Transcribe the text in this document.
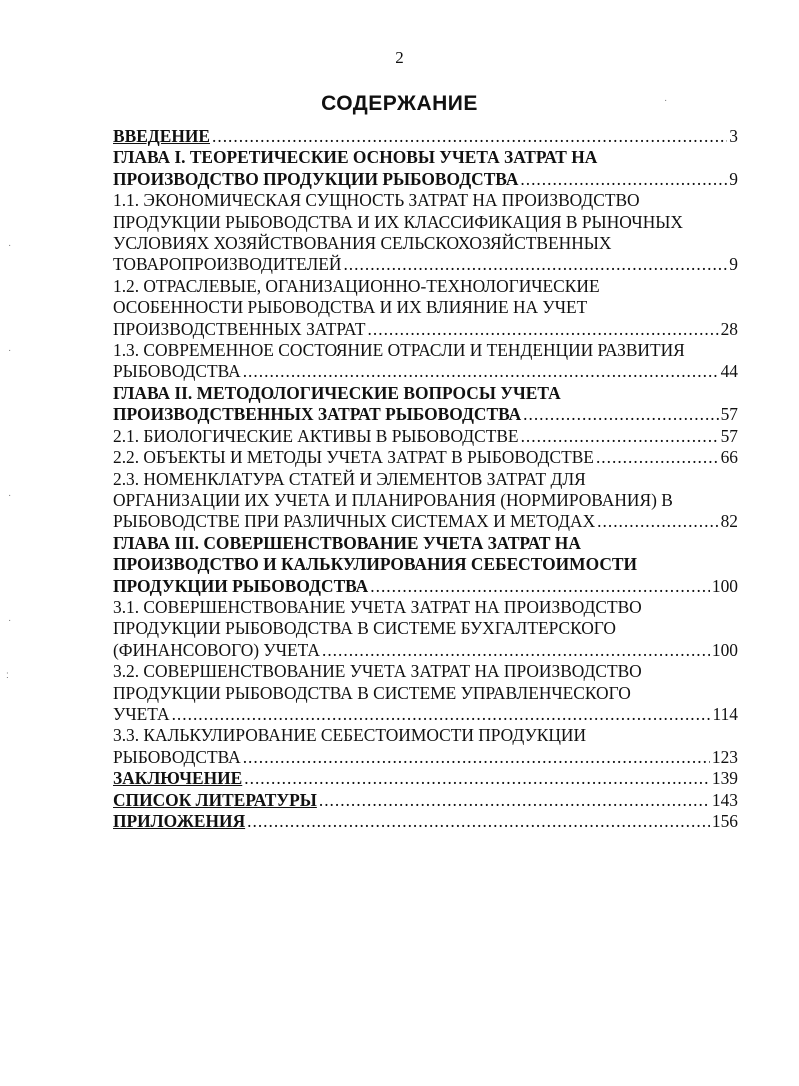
2
СОДЕРЖАНИЕ
ВВЕДЕНИЕ .....	3
ГЛАВА I. ТЕОРЕТИЧЕСКИЕ ОСНОВЫ УЧЕТА ЗАТРАТ НА
ПРОИЗВОДСТВО ПРОДУКЦИИ РЫБОВОДСТВА .....	9
1.1. ЭКОНОМИЧЕСКАЯ СУЩНОСТЬ ЗАТРАТ НА ПРОИЗВОДСТВО
ПРОДУКЦИИ РЫБОВОДСТВА И ИХ КЛАССИФИКАЦИЯ В РЫНОЧНЫХ
УСЛОВИЯХ ХОЗЯЙСТВОВАНИЯ СЕЛЬСКОХОЗЯЙСТВЕННЫХ
ТОВАРОПРОИЗВОДИТЕЛЕЙ .....	9
1.2. ОТРАСЛЕВЫЕ, ОГАНИЗАЦИОННО-ТЕХНОЛОГИЧЕСКИЕ
ОСОБЕННОСТИ РЫБОВОДСТВА И ИХ ВЛИЯНИЕ НА УЧЕТ
ПРОИЗВОДСТВЕННЫХ ЗАТРАТ .....	28
1.3. СОВРЕМЕННОЕ СОСТОЯНИЕ ОТРАСЛИ И ТЕНДЕНЦИИ РАЗВИТИЯ
РЫБОВОДСТВА .....	44
ГЛАВА II. МЕТОДОЛОГИЧЕСКИЕ ВОПРОСЫ УЧЕТА
ПРОИЗВОДСТВЕННЫХ ЗАТРАТ РЫБОВОДСТВА .....	57
2.1. БИОЛОГИЧЕСКИЕ АКТИВЫ В РЫБОВОДСТВЕ .....	57
2.2. ОБЪЕКТЫ И МЕТОДЫ УЧЕТА ЗАТРАТ В РЫБОВОДСТВЕ .....	66
2.3. НОМЕНКЛАТУРА СТАТЕЙ И ЭЛЕМЕНТОВ ЗАТРАТ ДЛЯ
ОРГАНИЗАЦИИ ИХ УЧЕТА И ПЛАНИРОВАНИЯ (НОРМИРОВАНИЯ) В
РЫБОВОДСТВЕ ПРИ РАЗЛИЧНЫХ СИСТЕМАХ И МЕТОДАХ .....	82
ГЛАВА III. СОВЕРШЕНСТВОВАНИЕ УЧЕТА ЗАТРАТ НА
ПРОИЗВОДСТВО И КАЛЬКУЛИРОВАНИЯ СЕБЕСТОИМОСТИ
ПРОДУКЦИИ РЫБОВОДСТВА .....	100
3.1. СОВЕРШЕНСТВОВАНИЕ УЧЕТА ЗАТРАТ НА ПРОИЗВОДСТВО
ПРОДУКЦИИ РЫБОВОДСТВА В СИСТЕМЕ БУХГАЛТЕРСКОГО
(ФИНАНСОВОГО) УЧЕТА .....	100
3.2. СОВЕРШЕНСТВОВАНИЕ УЧЕТА ЗАТРАТ НА ПРОИЗВОДСТВО
ПРОДУКЦИИ РЫБОВОДСТВА В СИСТЕМЕ УПРАВЛЕНЧЕСКОГО
УЧЕТА .....	114
3.3. КАЛЬКУЛИРОВАНИЕ СЕБЕСТОИМОСТИ ПРОДУКЦИИ
РЫБОВОДСТВА .....	123
ЗАКЛЮЧЕНИЕ .....	139
СПИСОК ЛИТЕРАТУРЫ .....	143
ПРИЛОЖЕНИЯ .....	156
·
·
·
·
:
·
